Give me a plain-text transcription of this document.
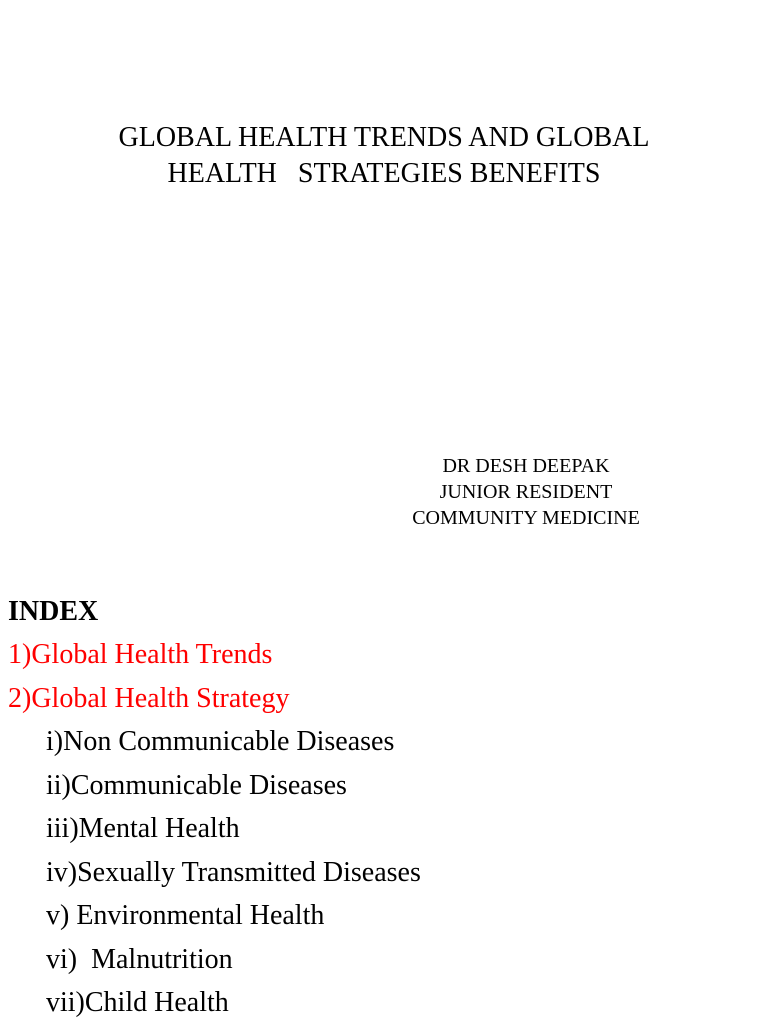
GLOBAL HEALTH TRENDS AND GLOBAL
HEALTH   STRATEGIES BENEFITS
DR DESH DEEPAK
JUNIOR RESIDENT
COMMUNITY MEDICINE
INDEX
1)Global Health Trends
2)Global Health Strategy
i)Non Communicable Diseases
ii)Communicable Diseases
iii)Mental Health
iv)Sexually Transmitted Diseases
v) Environmental Health
vi)  Malnutrition
vii)Child Health
